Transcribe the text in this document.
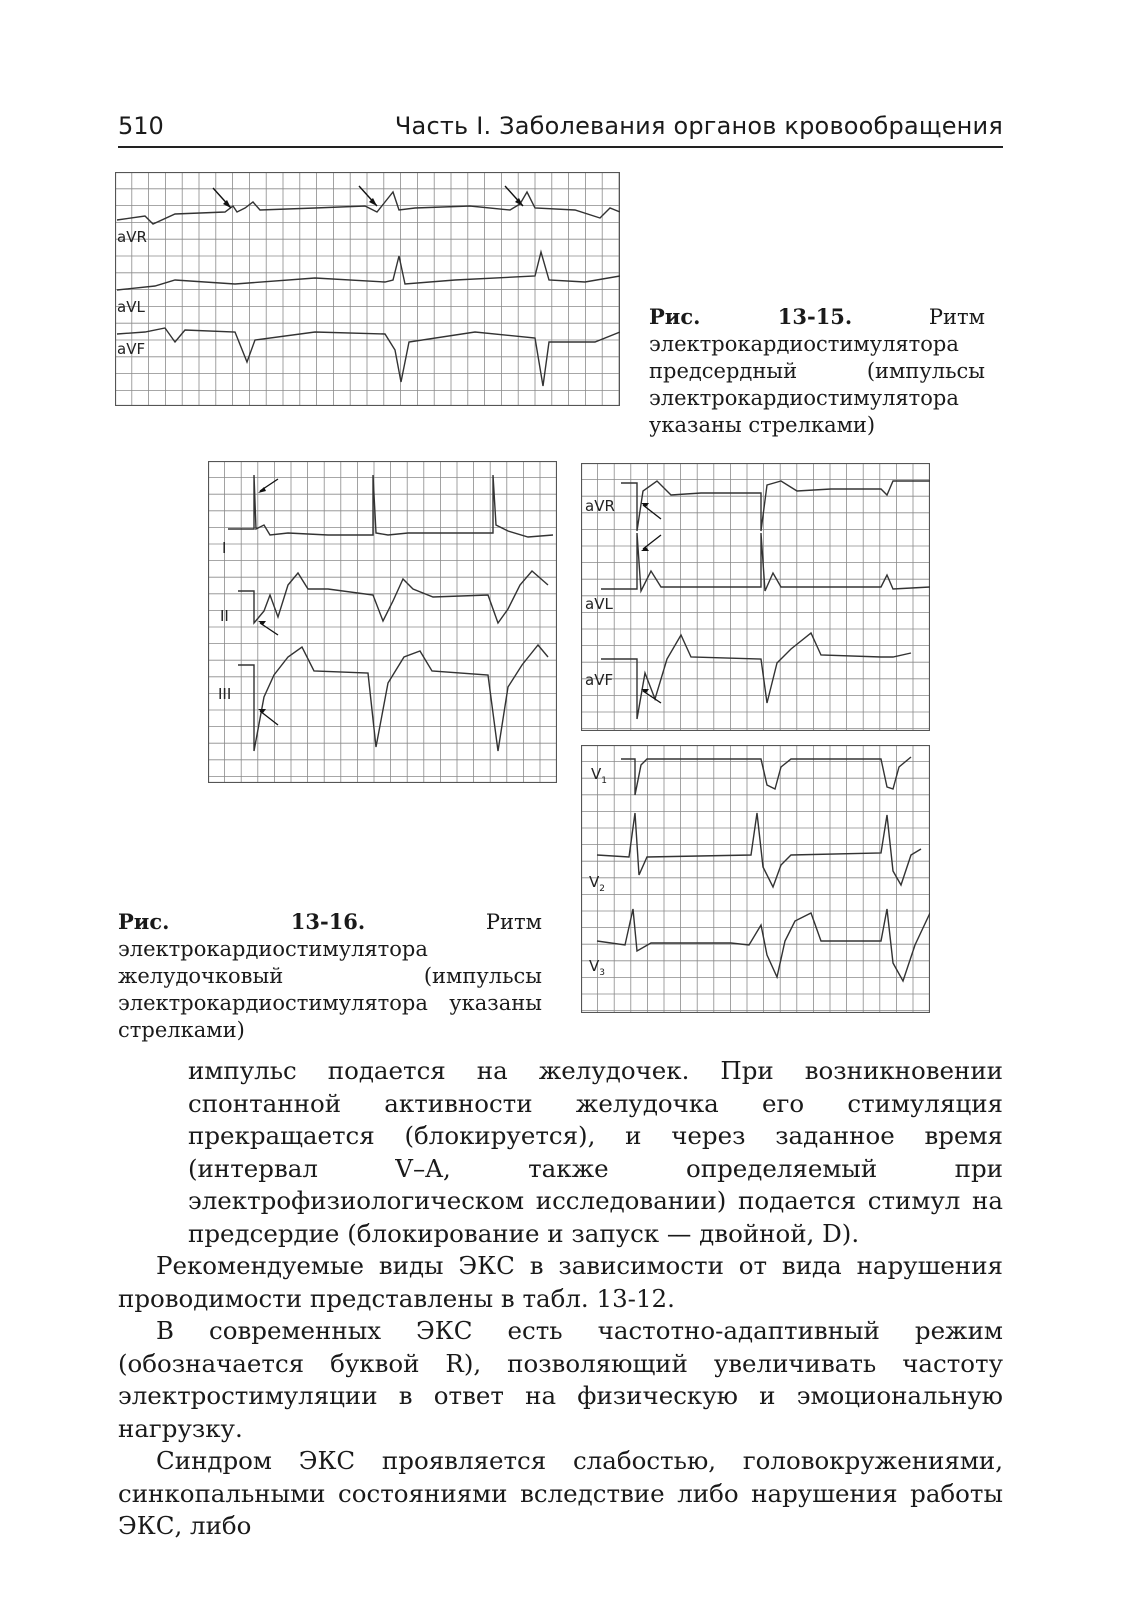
510	Часть I. Заболевания органов кровообращения
aVR
aVL
aVF
Рис. 13-15.	Ритм электрокардиостимулятора предсердный (импульсы электрокардиостимулятора указаны стрелками)
I
II
III
aVR
aVL
aVF
$V_1$
$V_2$
$V_3$
Рис. 13-16.	Ритм электрокардиостимулятора желудочковый (импульсы электрокардиостимулятора указаны стрелками)

импульс подается на желудочек. При возникновении спонтанной активности желудочка его стимуляция прекращается (блокируется), и через заданное время (интервал V–A, также определяемый при электрофизиологическом исследовании) подается стимул на предсердие (блокирование и запуск — двойной, D).

Рекомендуемые виды ЭКС в зависимости от вида нарушения проводимости представлены в табл. 13-12.

В современных ЭКС есть частотно-адаптивный режим (обозначается буквой R), позволяющий увеличивать частоту электростимуляции в ответ на физическую и эмоциональную нагрузку.

Синдром ЭКС проявляется слабостью, головокружениями, синкопальными состояниями вследствие либо нарушения работы ЭКС, либо
